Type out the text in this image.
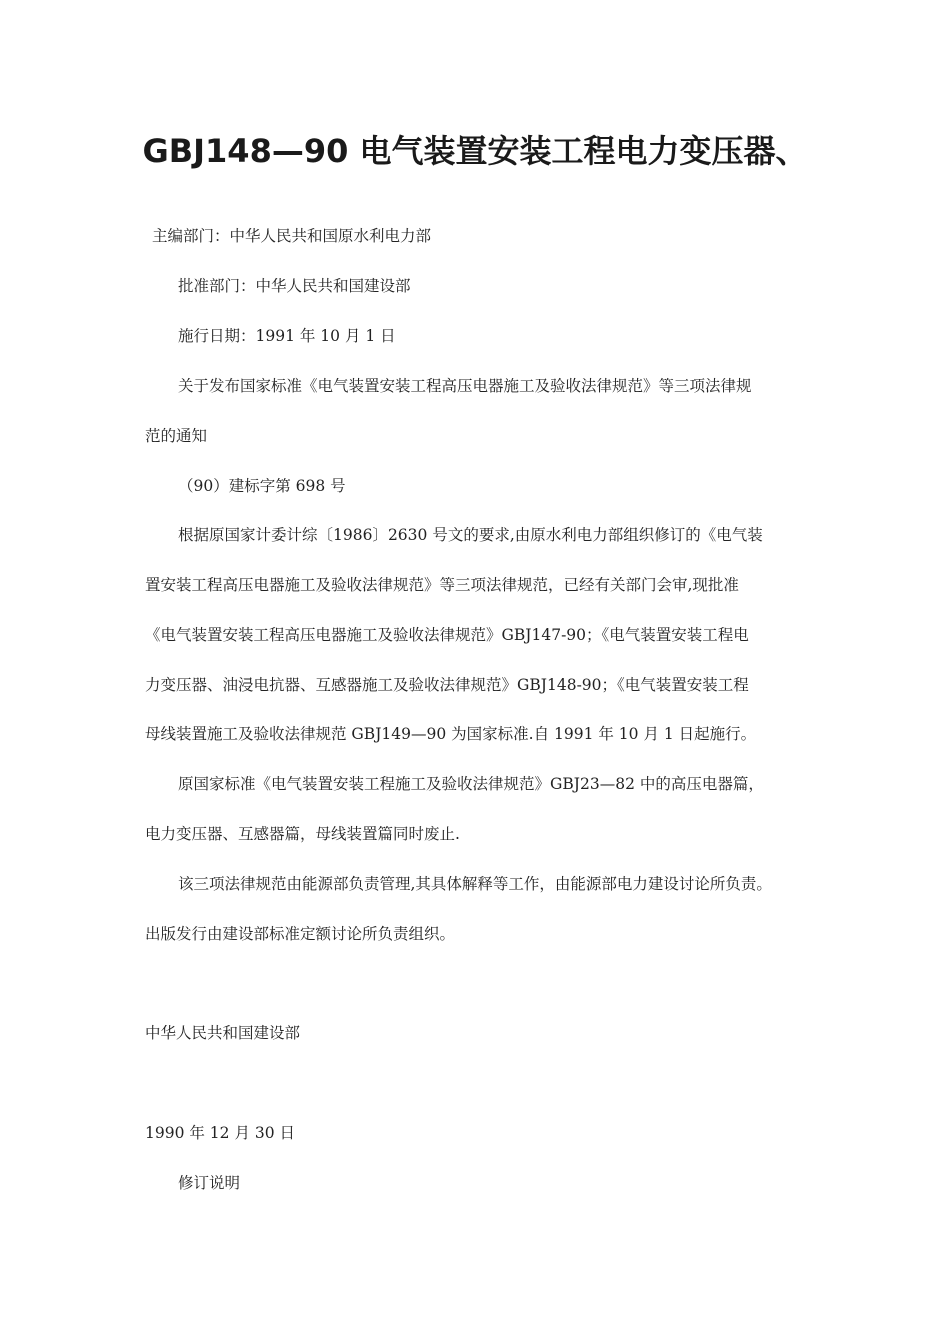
GBJ148—90 电气装置安装工程电力变压器、
主编部门：中华人民共和国原水利电力部
批准部门：中华人民共和国建设部
施行日期：1991 年 10 月 1 日
关于发布国家标准《电气装置安装工程高压电器施工及验收法律规范》等三项法律规
范的通知
（90）建标字第 698 号
根据原国家计委计综〔1986〕2630 号文的要求,由原水利电力部组织修订的《电气装
置安装工程高压电器施工及验收法律规范》等三项法律规范，已经有关部门会审,现批准
《电气装置安装工程高压电器施工及验收法律规范》GBJ147-90；《电气装置安装工程电
力变压器、油浸电抗器、互感器施工及验收法律规范》GBJ148-90；《电气装置安装工程
母线装置施工及验收法律规范 GBJ149—90 为国家标准.自 1991 年 10 月 1 日起施行。
原国家标准《电气装置安装工程施工及验收法律规范》GBJ23—82 中的高压电器篇，
电力变压器、互感器篇，母线装置篇同时废止.
该三项法律规范由能源部负责管理,其具体解释等工作，由能源部电力建设讨论所负责。
出版发行由建设部标准定额讨论所负责组织。
中华人民共和国建设部
1990 年 12 月 30 日
修订说明
